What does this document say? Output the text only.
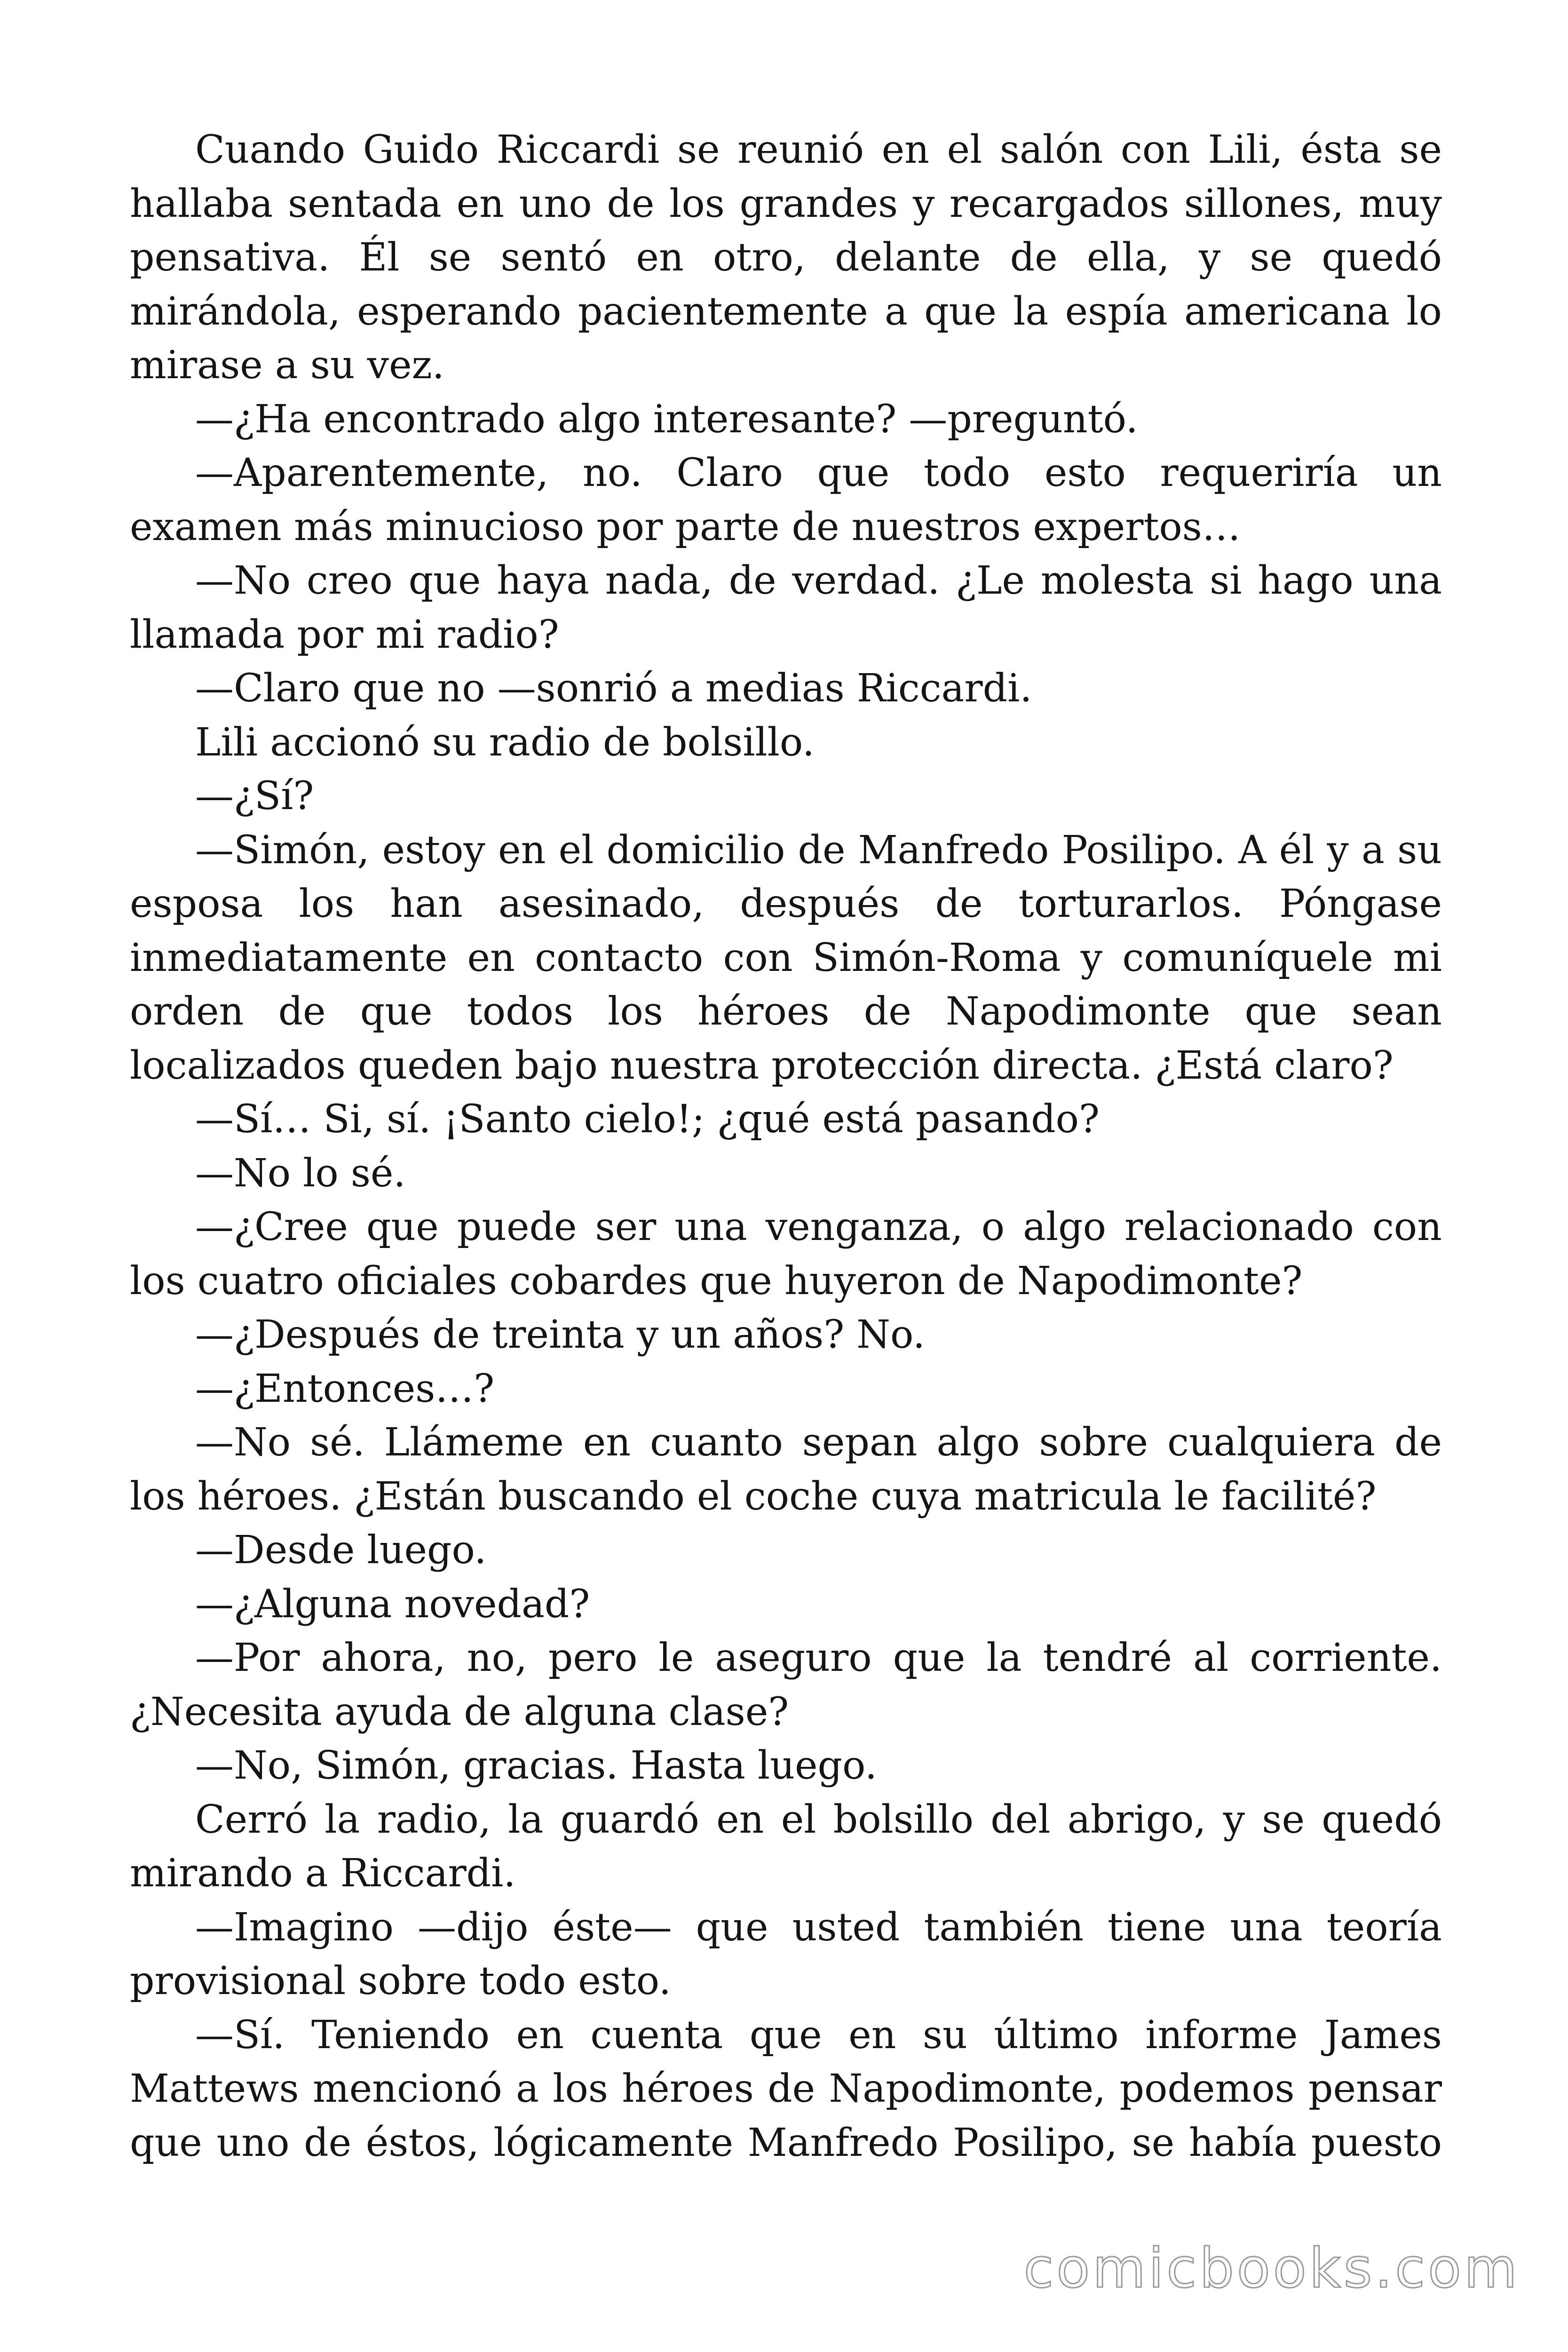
Cuando Guido Riccardi se reunió en el salón con Lili, ésta se hallaba sentada en uno de los grandes y recargados sillones, muy pensativa. Él se sentó en otro, delante de ella, y se quedó mirándola, esperando pacientemente a que la espía americana lo mirase a su vez.

—¿Ha encontrado algo interesante? —preguntó.

—Aparentemente, no. Claro que todo esto requeriría un examen más minucioso por parte de nuestros expertos…

—No creo que haya nada, de verdad. ¿Le molesta si hago una llamada por mi radio?

—Claro que no —sonrió a medias Riccardi.

Lili accionó su radio de bolsillo.

—¿Sí?

—Simón, estoy en el domicilio de Manfredo Posilipo. A él y a su esposa los han asesinado, después de torturarlos. Póngase inmediatamente en contacto con Simón-Roma y comuníquele mi orden de que todos los héroes de Napodimonte que sean localizados queden bajo nuestra protección directa. ¿Está claro?

—Sí… Si, sí. ¡Santo cielo!; ¿qué está pasando?

—No lo sé.

—¿Cree que puede ser una venganza, o algo relacionado con los cuatro oficiales cobardes que huyeron de Napodimonte?

—¿Después de treinta y un años? No.

—¿Entonces…?

—No sé. Llámeme en cuanto sepan algo sobre cualquiera de los héroes. ¿Están buscando el coche cuya matricula le facilité?

—Desde luego.

—¿Alguna novedad?

—Por ahora, no, pero le aseguro que la tendré al corriente. ¿Necesita ayuda de alguna clase?

—No, Simón, gracias. Hasta luego.

Cerró la radio, la guardó en el bolsillo del abrigo, y se quedó mirando a Riccardi.

—Imagino —dijo éste— que usted también tiene una teoría provisional sobre todo esto.

—Sí. Teniendo en cuenta que en su último informe James Mattews mencionó a los héroes de Napodimonte, podemos pensar que uno de éstos, lógicamente Manfredo Posilipo, se había puesto

comicbooks.com
